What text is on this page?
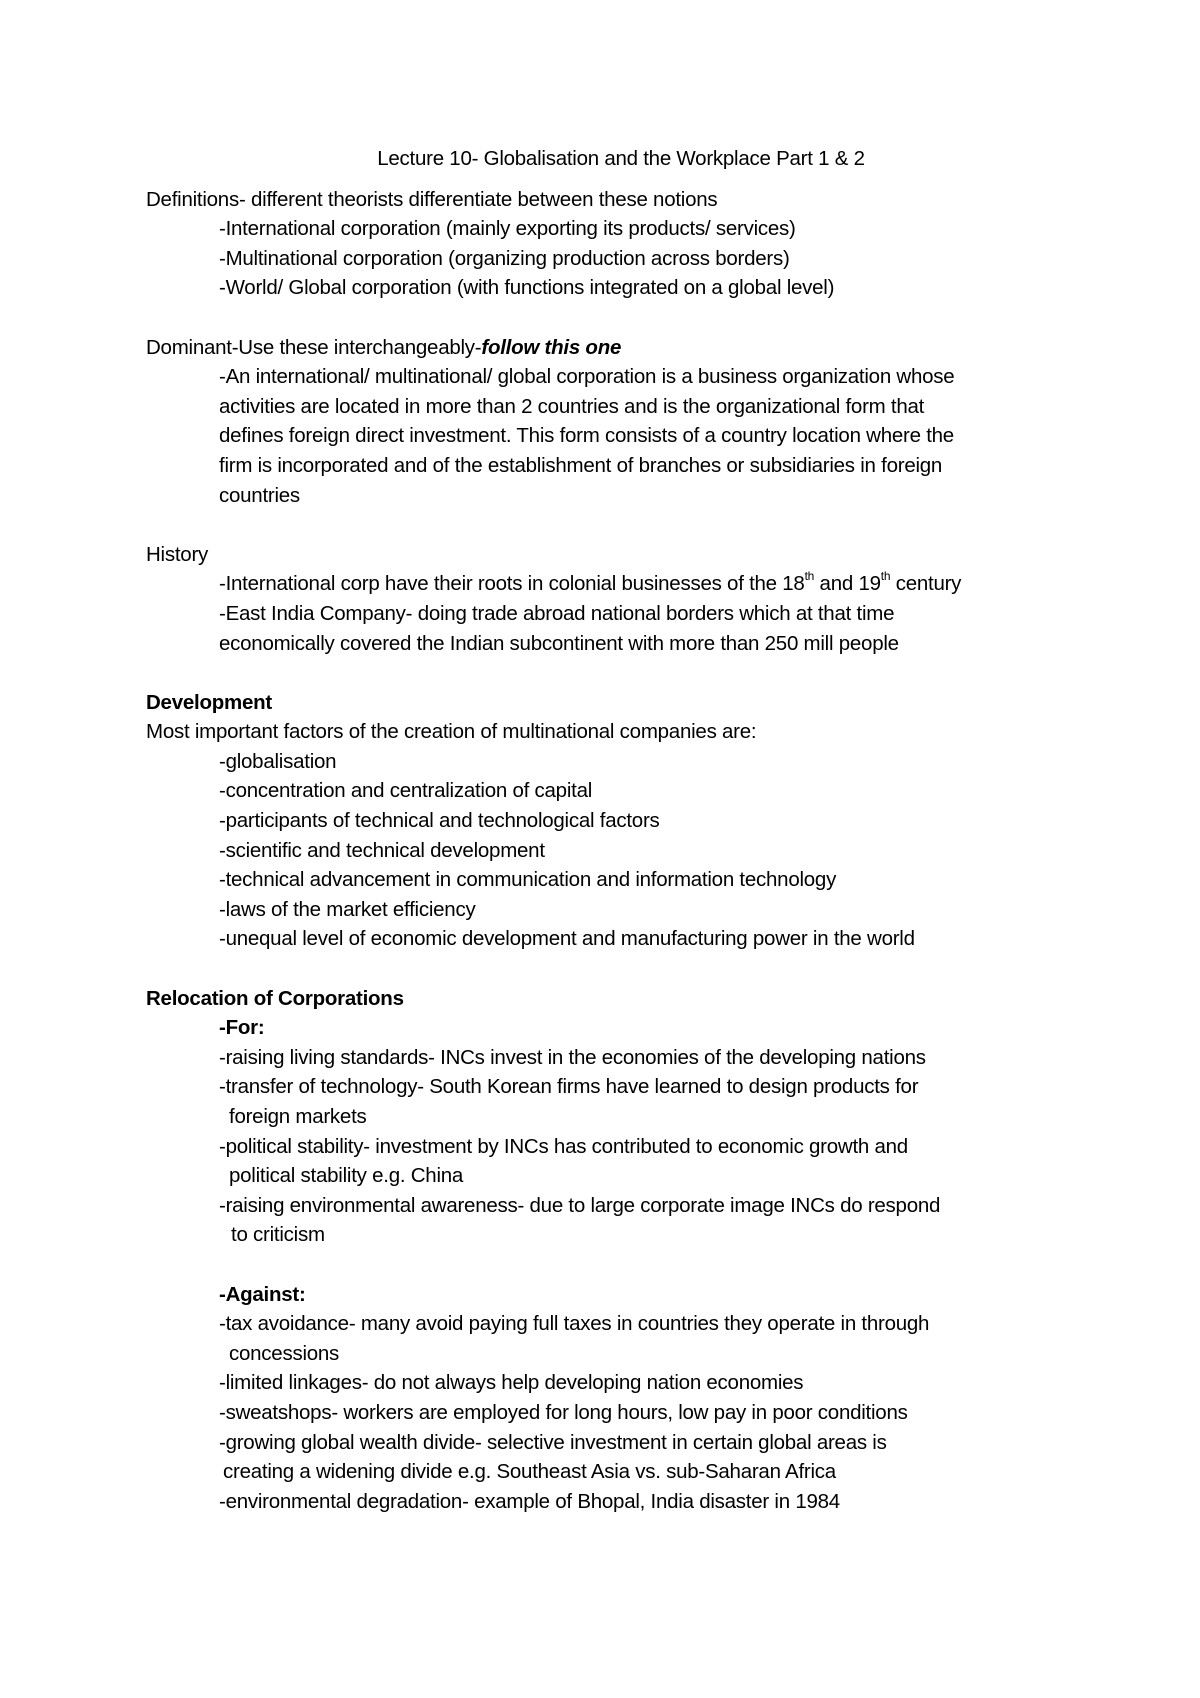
Lecture 10- Globalisation and the Workplace Part 1 & 2
Definitions- different theorists differentiate between these notions
-International corporation (mainly exporting its products/ services)
-Multinational corporation (organizing production across borders)
-World/ Global corporation (with functions integrated on a global level)
Dominant-Use these interchangeably-follow this one
-An international/ multinational/ global corporation is a business organization whose
activities are located in more than 2 countries and is the organizational form that
defines foreign direct investment. This form consists of a country location where the
firm is incorporated and of the establishment of branches or subsidiaries in foreign
countries
History
-International corp have their roots in colonial businesses of the 18th and 19th century
-East India Company- doing trade abroad national borders which at that time
economically covered the Indian subcontinent with more than 250 mill people
Development
Most important factors of the creation of multinational companies are:
-globalisation
-concentration and centralization of capital
-participants of technical and technological factors
-scientific and technical development
-technical advancement in communication and information technology
-laws of the market efficiency
-unequal level of economic development and manufacturing power in the world
Relocation of Corporations
-For:
-raising living standards- INCs invest in the economies of the developing nations
-transfer of technology- South Korean firms have learned to design products for
foreign markets
-political stability- investment by INCs has contributed to economic growth and
political stability e.g. China
-raising environmental awareness- due to large corporate image INCs do respond
to criticism
-Against:
-tax avoidance- many avoid paying full taxes in countries they operate in through
concessions
-limited linkages- do not always help developing nation economies
-sweatshops- workers are employed for long hours, low pay in poor conditions
-growing global wealth divide- selective investment in certain global areas is
creating a widening divide e.g. Southeast Asia vs. sub-Saharan Africa
-environmental degradation- example of Bhopal, India disaster in 1984
